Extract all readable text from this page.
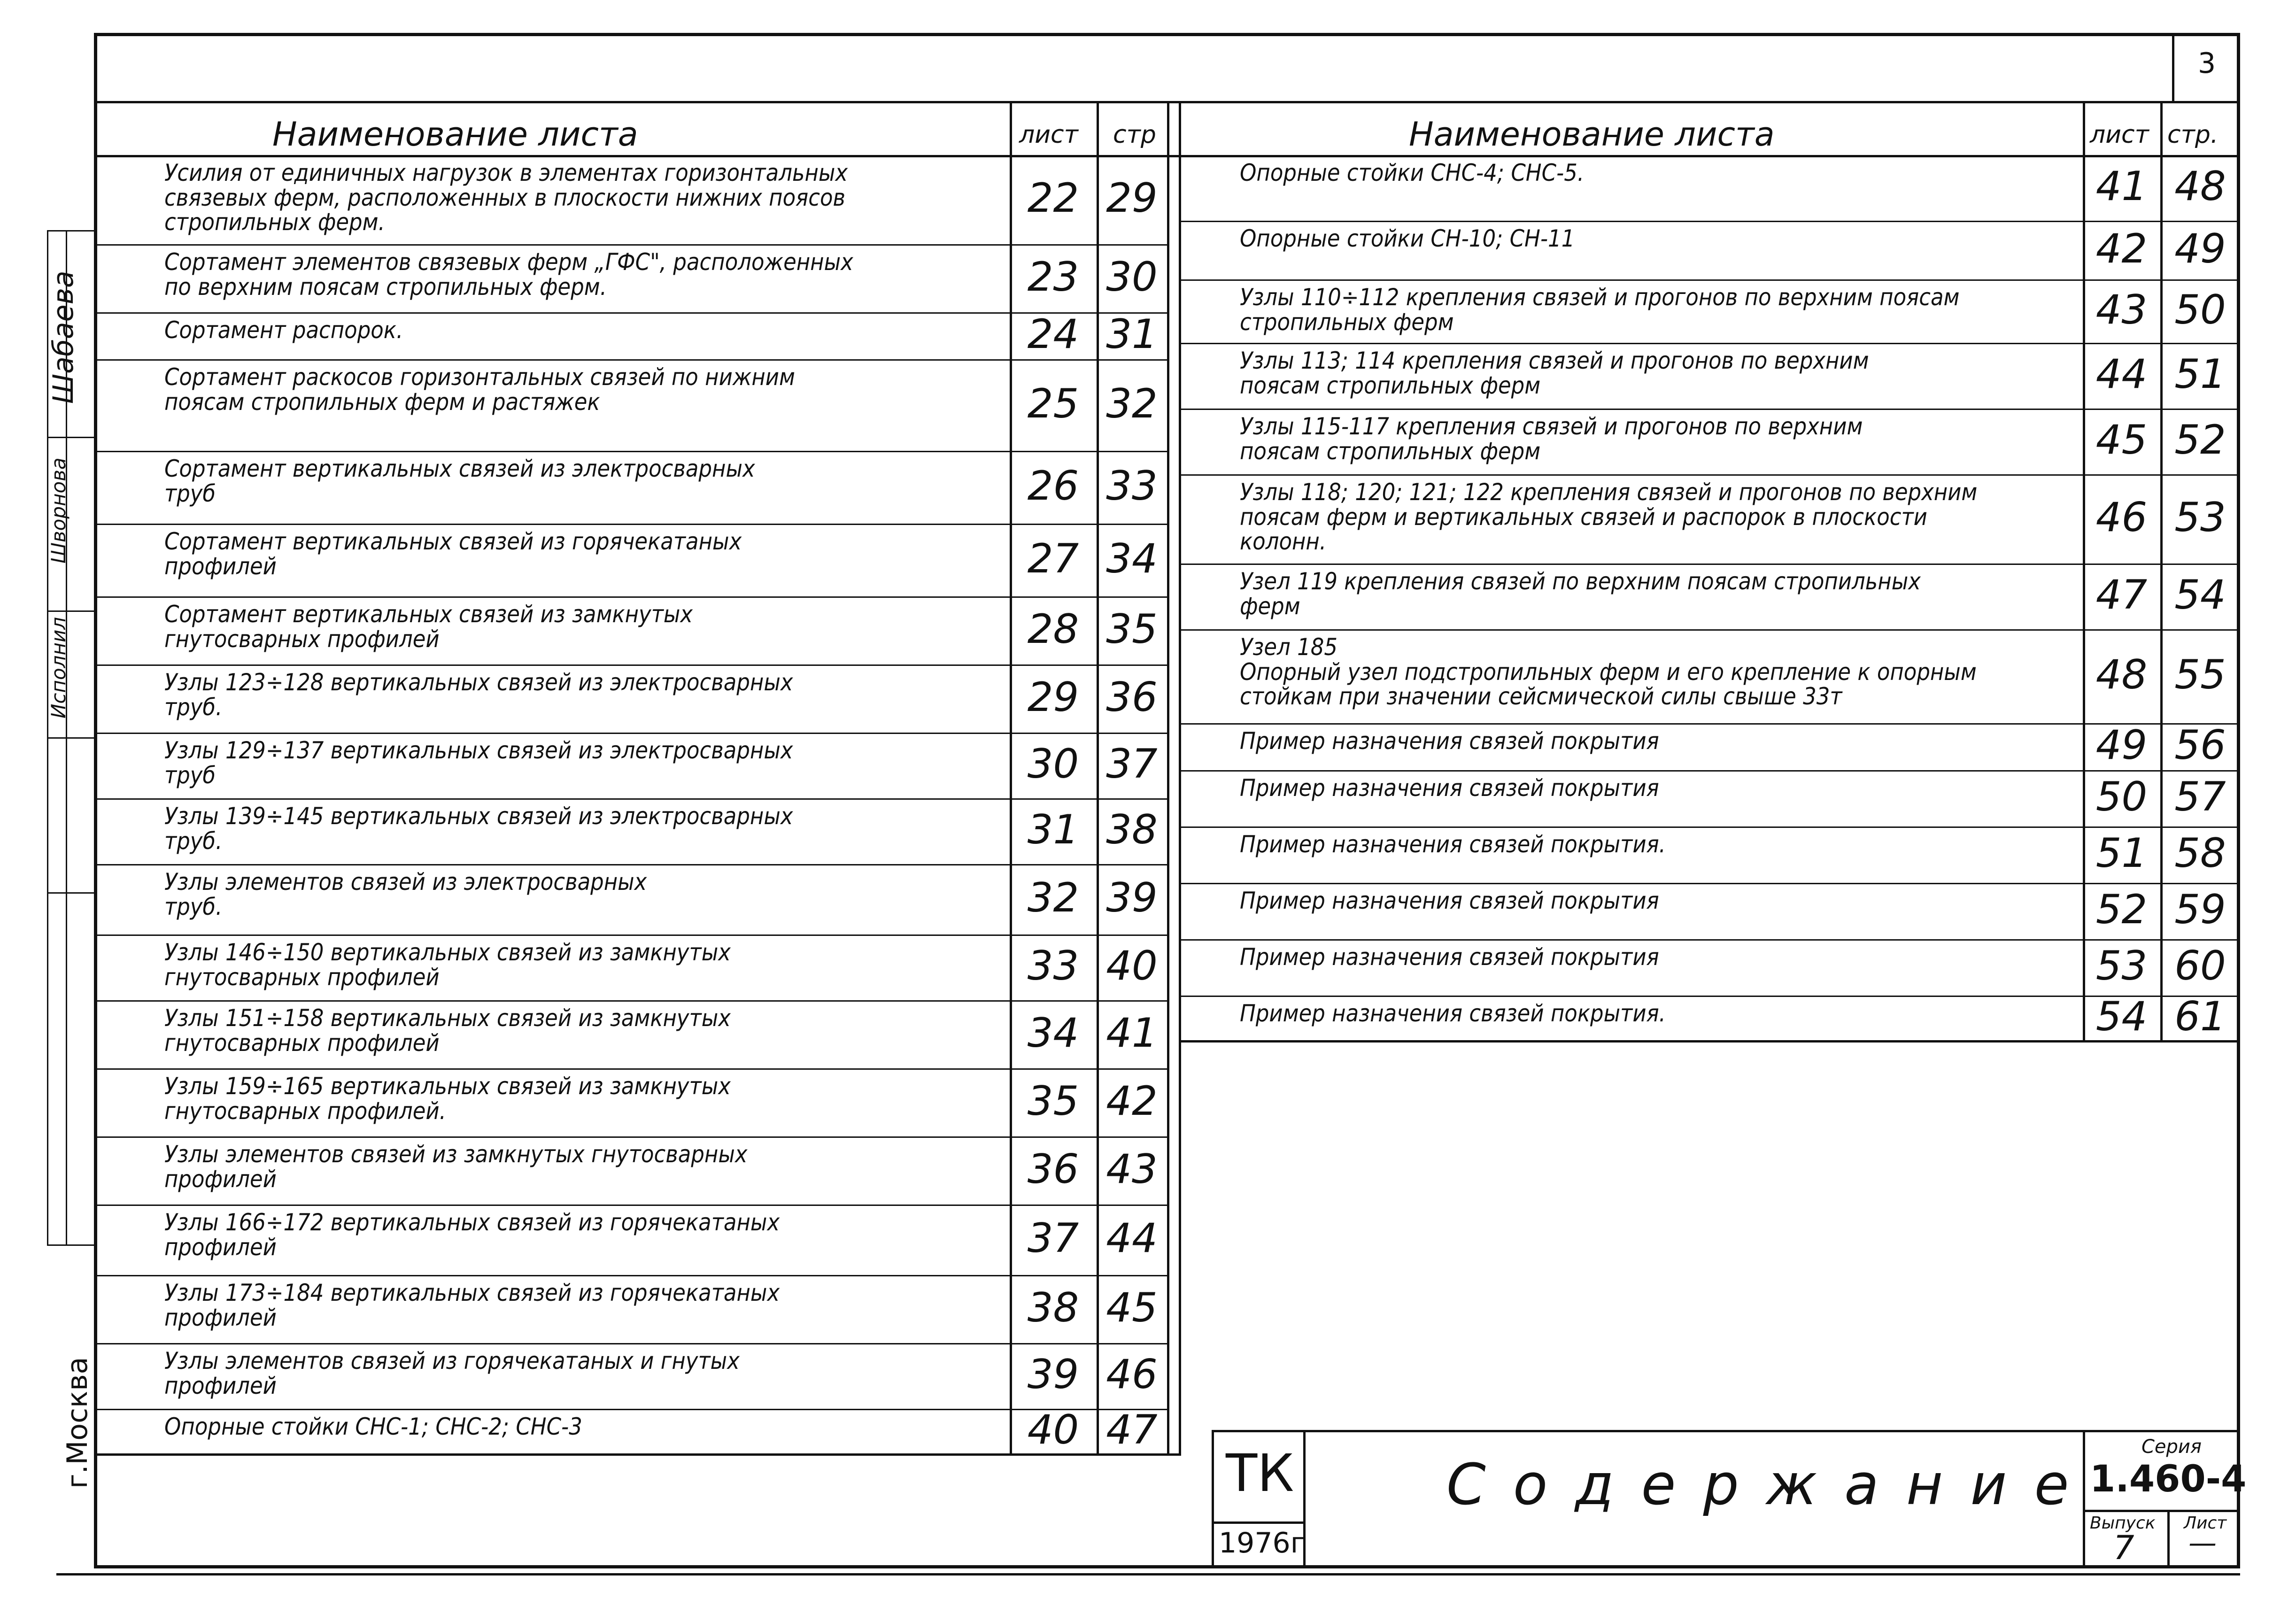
3
Наименование листа	лист стр	Наименование листа	лист стр.
Усилия от единичных нагрузок в элементах горизонтальных
связевых ферм, расположенных в плоскости нижних поясов
стропильных ферм.
22 29
Сортамент элементов связевых ферм „ГФС", расположенных
по верхним поясам стропильных ферм.	23 30
Сортамент распорок.	24 31
Сортамент раскосов горизонтальных связей по нижним
поясам стропильных ферм и растяжек	25 32
Сортамент вертикальных связей из электросварных
труб	26 33
Сортамент вертикальных связей из горячекатаных
профилей	27 34
Сортамент вертикальных связей из замкнутых
гнутосварных профилей	28 35
Узлы 123÷128 вертикальных связей из электросварных
труб.	29 36
Узлы 129÷137 вертикальных связей из электросварных
труб	30 37
Узлы 139÷145 вертикальных связей из электросварных
труб.	31 38
Узлы элементов связей из электросварных
труб.	32 39
Узлы 146÷150 вертикальных связей из замкнутых
гнутосварных профилей	33 40
Узлы 151÷158 вертикальных связей из замкнутых
гнутосварных профилей	34 41
Узлы 159÷165 вертикальных связей из замкнутых
гнутосварных профилей.	35 42
Узлы элементов связей из замкнутых гнутосварных
профилей	36 43
Узлы 166÷172 вертикальных связей из горячекатаных
профилей	37 44
Узлы 173÷184 вертикальных связей из горячекатаных
профилей	38 45
Узлы элементов связей из горячекатаных и гнутых
профилей	39 46
Опорные стойки СНС-1; СНС-2; СНС-3	40 47
Опорные стойки СНС-4; СНС-5.	41 48
Опорные стойки СН-10; СН-11	42 49
Узлы 110÷112 крепления связей и прогонов по верхним поясам
стропильных ферм	43 50
Узлы 113; 114 крепления связей и прогонов по верхним
поясам стропильных ферм	44 51
Узлы 115-117 крепления связей и прогонов по верхним
поясам стропильных ферм	45 52
Узлы 118; 120; 121; 122 крепления связей и прогонов по верхним
поясам ферм и вертикальных связей и распорок в плоскости
колонн.
46 53
Узел 119 крепления связей по верхним поясам стропильных
ферм	47 54
Узел 185
Опорный узел подстропильных ферм и его крепление к опорным
стойкам при значении сейсмической силы свыше 33т	48 55
Пример назначения связей покрытия	49 56
Пример назначения связей покрытия	50 57
Пример назначения связей покрытия.	51 58
Пример назначения связей покрытия	52 59
Пример назначения связей покрытия	53 60
Пример назначения связей покрытия.	54 61
ТК
1976г
С о д е р ж а н и е
Серия
1.460-4
Выпуск
7
Лист
—
Шабаева
Шворнова
Исполнил
г.Москва
